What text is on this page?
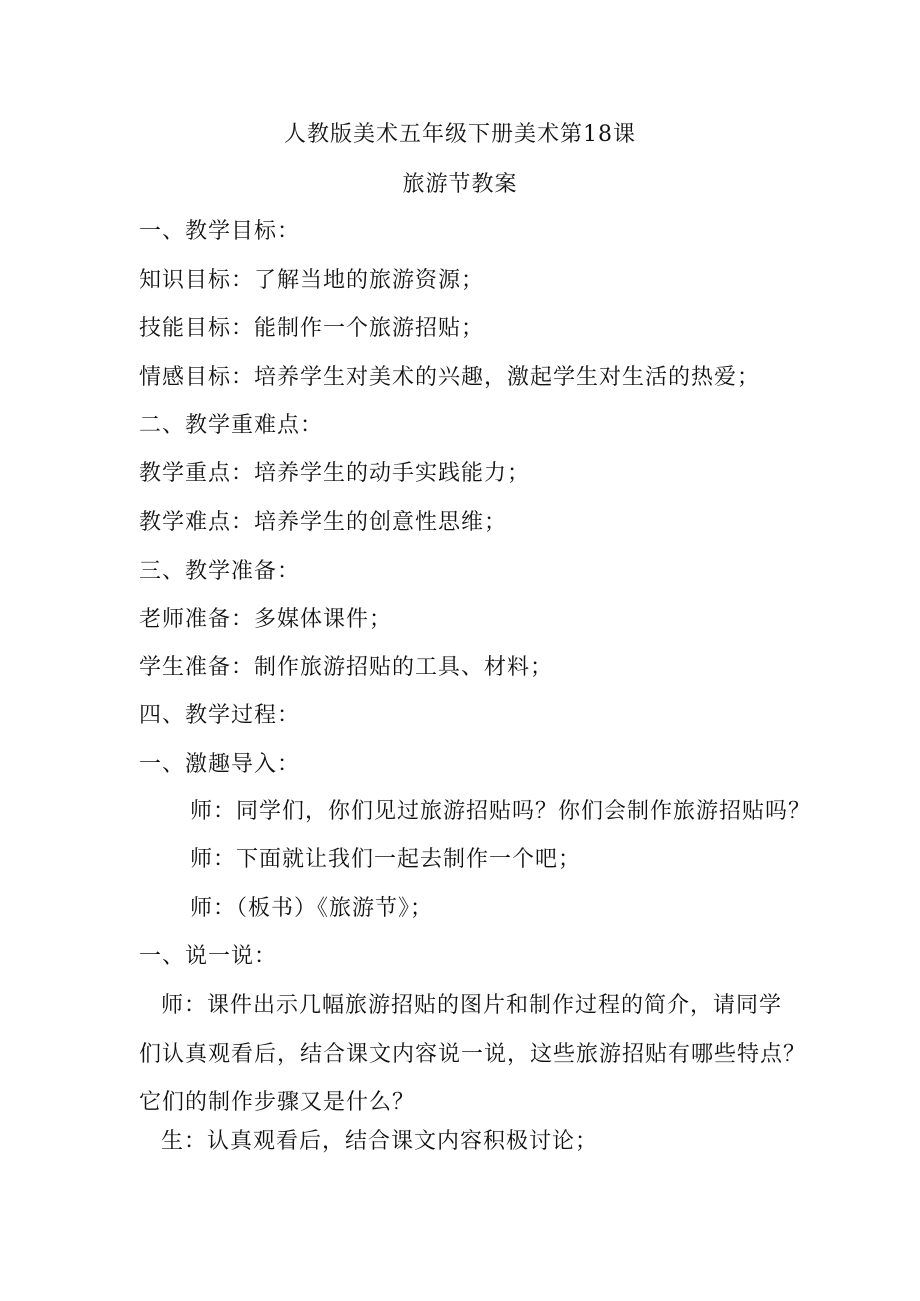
人教版美术五年级下册美术第18课
旅游节教案
一、教学目标：
知识目标：了解当地的旅游资源；
技能目标：能制作一个旅游招贴；
情感目标：培养学生对美术的兴趣，激起学生对生活的热爱；
二、教学重难点：
教学重点：培养学生的动手实践能力；
教学难点：培养学生的创意性思维；
三、教学准备：
老师准备：多媒体课件；
学生准备：制作旅游招贴的工具、材料；
四、教学过程：
一、激趣导入：
师：同学们，你们见过旅游招贴吗？你们会制作旅游招贴吗？
师：下面就让我们一起去制作一个吧；
师：（板书）《旅游节》；
一、说一说：
师：课件出示几幅旅游招贴的图片和制作过程的简介，请同学
们认真观看后，结合课文内容说一说，这些旅游招贴有哪些特点？
它们的制作步骤又是什么？
生：认真观看后，结合课文内容积极讨论；
